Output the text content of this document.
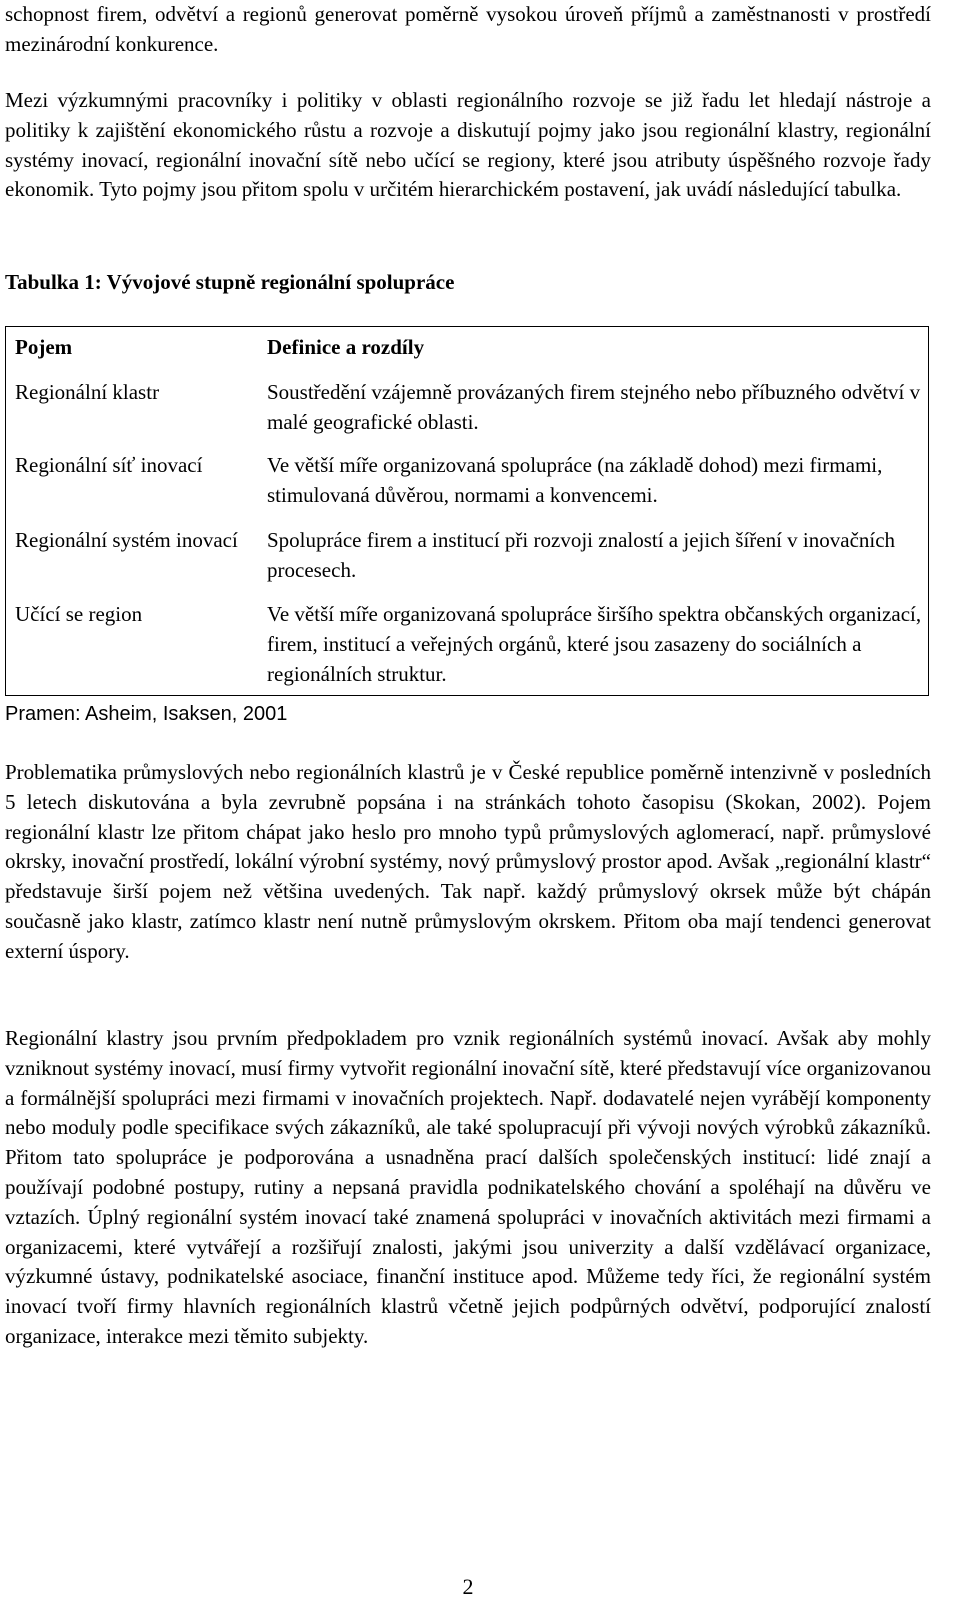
schopnost firem, odvětví a regionů generovat poměrně vysokou úroveň příjmů a zaměstnanosti v prostředí mezinárodní konkurence.

Mezi výzkumnými pracovníky i politiky v oblasti regionálního rozvoje se již řadu let hledají nástroje a politiky k zajištění ekonomického růstu a rozvoje a diskutují pojmy jako jsou regionální klastry, regionální systémy inovací, regionální inovační sítě nebo učící se regiony, které jsou atributy úspěšného rozvoje řady ekonomik. Tyto pojmy jsou přitom spolu v určitém hierarchickém postavení, jak uvádí následující tabulka.

Tabulka 1: Vývojové stupně regionální spolupráce
Pojem	Definice a rozdíly
Regionální klastr	Soustředění vzájemně provázaných firem stejného nebo příbuzného odvětví v malé geografické oblasti.
Regionální síť inovací	Ve větší míře organizovaná spolupráce (na základě dohod) mezi firmami, stimulovaná důvěrou, normami a konvencemi.
Regionální systém inovací	Spolupráce firem a institucí při rozvoji znalostí a jejich šíření v inovačních procesech.
Učící se region	Ve větší míře organizovaná spolupráce širšího spektra občanských organizací, firem, institucí a veřejných orgánů, které jsou zasazeny do sociálních a regionálních struktur.
Pramen: Asheim, Isaksen, 2001

Problematika průmyslových nebo regionálních klastrů je v České republice poměrně intenzivně v posledních 5 letech diskutována a byla zevrubně popsána i na stránkách tohoto časopisu (Skokan, 2002). Pojem regionální klastr lze přitom chápat jako heslo pro mnoho typů průmyslových aglomerací, např. průmyslové okrsky, inovační prostředí, lokální výrobní systémy, nový průmyslový prostor apod. Avšak „regionální klastr“ představuje širší pojem než většina uvedených. Tak např. každý průmyslový okrsek může být chápán současně jako klastr, zatímco klastr není nutně průmyslovým okrskem. Přitom oba mají tendenci generovat externí úspory.

Regionální klastry jsou prvním předpokladem pro vznik regionálních systémů inovací. Avšak aby mohly vzniknout systémy inovací, musí firmy vytvořit regionální inovační sítě, které představují více organizovanou a formálnější spolupráci mezi firmami v inovačních projektech. Např. dodavatelé nejen vyrábějí komponenty nebo moduly podle specifikace svých zákazníků, ale také spolupracují při vývoji nových výrobků zákazníků. Přitom tato spolupráce je podporována a usnadněna prací dalších společenských institucí: lidé znají a používají podobné postupy, rutiny a nepsaná pravidla podnikatelského chování a spoléhají na důvěru ve vztazích. Úplný regionální systém inovací také znamená spolupráci v inovačních aktivitách mezi firmami a organizacemi, které vytvářejí a rozšiřují znalosti, jakými jsou univerzity a další vzdělávací organizace, výzkumné ústavy, podnikatelské asociace, finanční instituce apod. Můžeme tedy říci, že regionální systém inovací tvoří firmy hlavních regionálních klastrů včetně jejich podpůrných odvětví, podporující znalostí organizace, interakce mezi těmito subjekty.

2
